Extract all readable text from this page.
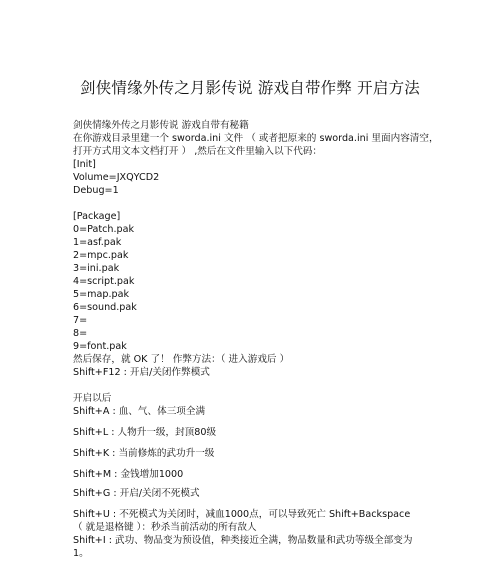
剑侠情缘外传之月影传说 游戏自带作弊 开启方法
剑侠情缘外传之月影传说 游戏自带有秘籍
在你游戏目录里建一个 sworda.ini 文件 （ 或者把原来的 sworda.ini 里面内容清空，
打开方式用文本文档打开 ） ,然后在文件里输入以下代码：
[Init]
Volume=JXQYCD2
Debug=1
[Package]
0=Patch.pak
1=asf.pak
2=mpc.pak
3=ini.pak
4=script.pak
5=map.pak
6=sound.pak
7=
8=
9=font.pak
然后保存，就 OK 了！ 作弊方法：（ 进入游戏后 ）
Shift+F12 : 开启/关闭作弊模式
开启以后
Shift+A : 血、气、体三项全满
Shift+L : 人物升一级，封顶80级
Shift+K : 当前修炼的武功升一级
Shift+M : 金钱增加1000
Shift+G : 开启/关闭不死模式
Shift+U : 不死模式为关闭时，减血1000点，可以导致死亡 Shift+Backspace
（ 就是退格键 ）：秒杀当前活动的所有敌人
Shift+I : 武功、物品变为预设值，种类接近全满，物品数量和武功等级全部变为
1。
